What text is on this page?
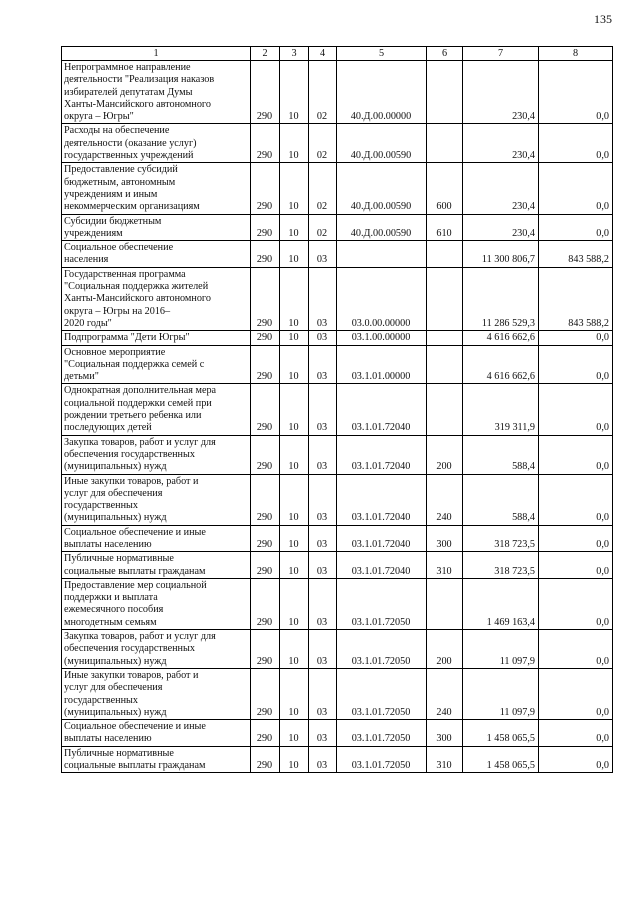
135
1	2	3	4	5	6	7	8
Непрограммное направление
деятельности "Реализация наказов
избирателей депутатам Думы
Ханты-Мансийского автономного
округа – Югры"	290	10	02	40.Д.00.00000		230,4	0,0
Расходы на обеспечение
деятельности (оказание услуг)
государственных учреждений	290	10	02	40.Д.00.00590		230,4	0,0
Предоставление субсидий
бюджетным, автономным
учреждениям и иным
некоммерческим организациям	290	10	02	40.Д.00.00590	600	230,4	0,0
Субсидии бюджетным
учреждениям	290	10	02	40.Д.00.00590	610	230,4	0,0
Социальное обеспечение
населения	290	10	03			11 300 806,7	843 588,2
Государственная программа
"Социальная поддержка жителей
Ханты-Мансийского автономного
округа – Югры на 2016–
2020 годы"	290	10	03	03.0.00.00000		11 286 529,3	843 588,2
Подпрограмма "Дети Югры"	290	10	03	03.1.00.00000		4 616 662,6	0,0
Основное мероприятие
"Социальная поддержка семей с
детьми"	290	10	03	03.1.01.00000		4 616 662,6	0,0
Однократная дополнительная мера
социальной поддержки семей при
рождении третьего ребенка или
последующих детей	290	10	03	03.1.01.72040		319 311,9	0,0
Закупка товаров, работ и услуг для
обеспечения государственных
(муниципальных) нужд	290	10	03	03.1.01.72040	200	588,4	0,0
Иные закупки товаров, работ и
услуг для обеспечения
государственных
(муниципальных) нужд	290	10	03	03.1.01.72040	240	588,4	0,0
Социальное обеспечение и иные
выплаты населению	290	10	03	03.1.01.72040	300	318 723,5	0,0
Публичные нормативные
социальные выплаты гражданам	290	10	03	03.1.01.72040	310	318 723,5	0,0
Предоставление мер социальной
поддержки и выплата
ежемесячного пособия
многодетным семьям	290	10	03	03.1.01.72050		1 469 163,4	0,0
Закупка товаров, работ и услуг для
обеспечения государственных
(муниципальных) нужд	290	10	03	03.1.01.72050	200	11 097,9	0,0
Иные закупки товаров, работ и
услуг для обеспечения
государственных
(муниципальных) нужд	290	10	03	03.1.01.72050	240	11 097,9	0,0
Социальное обеспечение и иные
выплаты населению	290	10	03	03.1.01.72050	300	1 458 065,5	0,0
Публичные нормативные
социальные выплаты гражданам	290	10	03	03.1.01.72050	310	1 458 065,5	0,0
